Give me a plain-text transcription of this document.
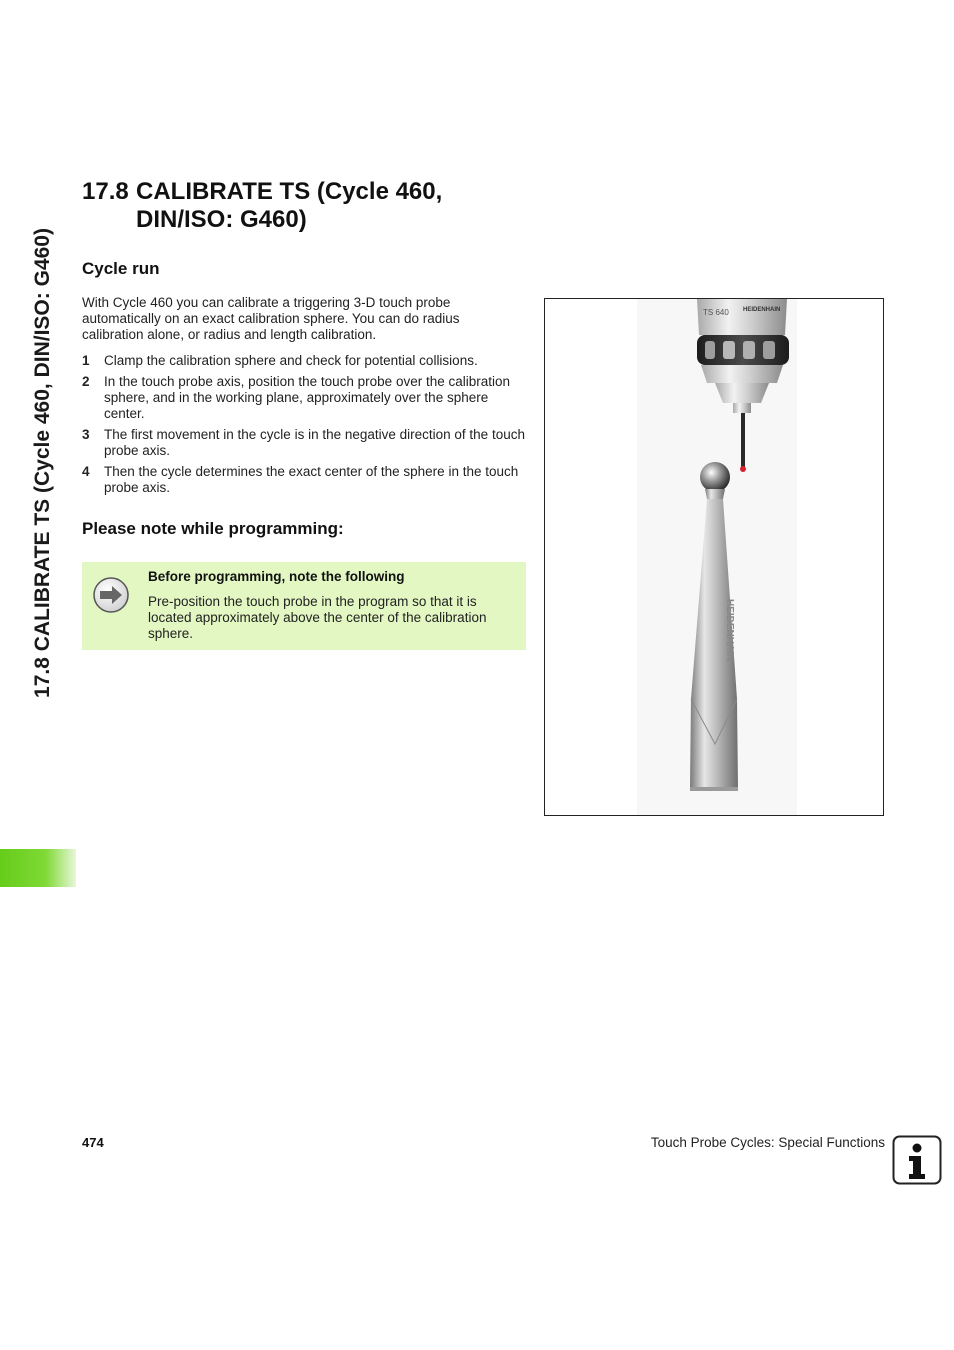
17.8 CALIBRATE TS (Cycle 460, DIN/ISO: G460)
17.8 CALIBRATE TS (Cycle 460,
DIN/ISO: G460)
Cycle run

With Cycle 460 you can calibrate a triggering 3-D touch probe automatically on an exact calibration sphere. You can do radius calibration alone, or radius and length calibration.

1	Clamp the calibration sphere and check for potential collisions.
2	In the touch probe axis, position the touch probe over the calibration sphere, and in the working plane, approximately over the sphere center.
3	The first movement in the cycle is in the negative direction of the touch probe axis.
4	Then the cycle determines the exact center of the sphere in the touch probe axis.
Please note while programming:
Before programming, note the following

Pre-position the touch probe in the program so that it is located approximately above the center of the calibration sphere.

TS 640 HEIDENHAIN
HEIDENHAIN
474	Touch Probe Cycles: Special Functions
